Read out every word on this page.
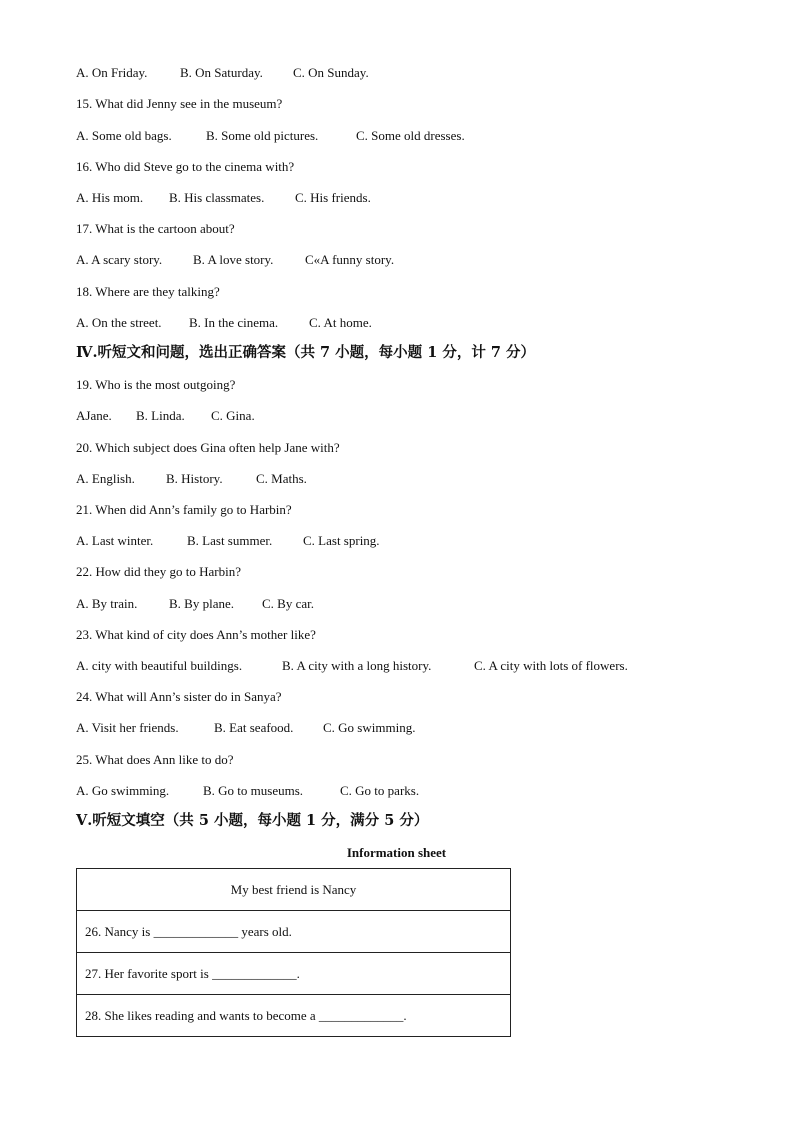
A. On Friday.	B. On Saturday. C. On Sunday.
15. What did Jenny see in the museum?
A. Some old bags.	B. Some old pictures.	C. Some old dresses.
16. Who did Steve go to the cinema with?
A. His mom. B. His classmates. C. His friends.
17. What is the cartoon about?
A. A scary story. B. A love story. C«A funny story.
18. Where are they talking?
A. On the street. B. In the cinema. C. At home.
Ⅳ.听短文和问题，选出正确答案（共 7 小题，每小题 1 分，计 7 分）
19. Who is the most outgoing?
AJane. B. Linda. C. Gina.
20. Which subject does Gina often help Jane with?
A. English. B. History.	C. Maths.
21. When did Ann’s family go to Harbin?
A. Last winter.	B. Last summer. C. Last spring.
22. How did they go to Harbin?
A. By train. B. By plane. C. By car.
23. What kind of city does Ann’s mother like?
A. city with beautiful buildings.	B. A city with a long history.	C. A city with lots of flowers.
24. What will Ann’s sister do in Sanya?
A. Visit her friends.	B. Eat seafood. C. Go swimming.
25. What does Ann like to do?
A. Go swimming.	B. Go to museums.	C. Go to parks.
Ⅴ.听短文填空（共 5 小题，每小题 1 分，满分 5 分）
Information sheet
My best friend is Nancy
26. Nancy is _____________ years old.
27. Her favorite sport is _____________.
28. She likes reading and wants to become a _____________.
